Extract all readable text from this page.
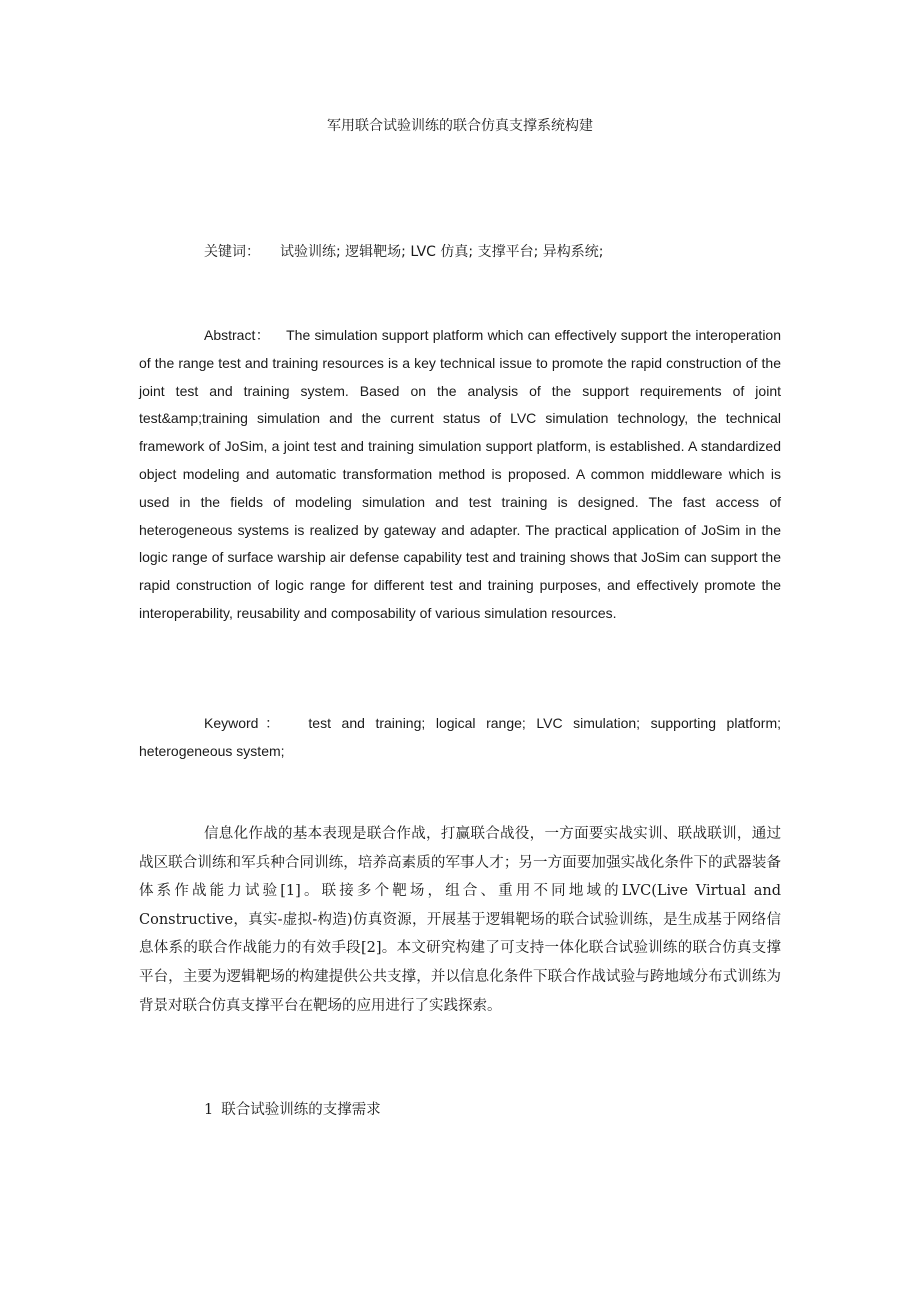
军用联合试验训练的联合仿真支撑系统构建
关键词： 试验训练; 逻辑靶场; LVC 仿真; 支撑平台; 异构系统;
Abstract： The simulation support platform which can effectively support the interoperation of the range test and training resources is a key technical issue to promote the rapid construction of the joint test and training system. Based on the analysis of the support requirements of joint test&amp;training simulation and the current status of LVC simulation technology, the technical framework of JoSim, a joint test and training simulation support platform, is established. A standardized object modeling and automatic transformation method is proposed. A common middleware which is used in the fields of modeling simulation and test training is designed. The fast access of heterogeneous systems is realized by gateway and adapter. The practical application of JoSim in the logic range of surface warship air defense capability test and training shows that JoSim can support the rapid construction of logic range for different test and training purposes, and effectively promote the interoperability, reusability and composability of various simulation resources.
Keyword： test and training; logical range; LVC simulation; supporting platform; heterogeneous system;
信息化作战的基本表现是联合作战，打赢联合战役，一方面要实战实训、联战联训，通过战区联合训练和军兵种合同训练，培养高素质的军事人才；另一方面要加强实战化条件下的武器装备体系作战能力试验[1]。联接多个靶场，组合、重用不同地域的LVC(Live Virtual and Constructive，真实-虚拟-构造)仿真资源，开展基于逻辑靶场的联合试验训练，是生成基于网络信息体系的联合作战能力的有效手段[2]。本文研究构建了可支持一体化联合试验训练的联合仿真支撑平台，主要为逻辑靶场的构建提供公共支撑，并以信息化条件下联合作战试验与跨地域分布式训练为背景对联合仿真支撑平台在靶场的应用进行了实践探索。
1 联合试验训练的支撑需求
